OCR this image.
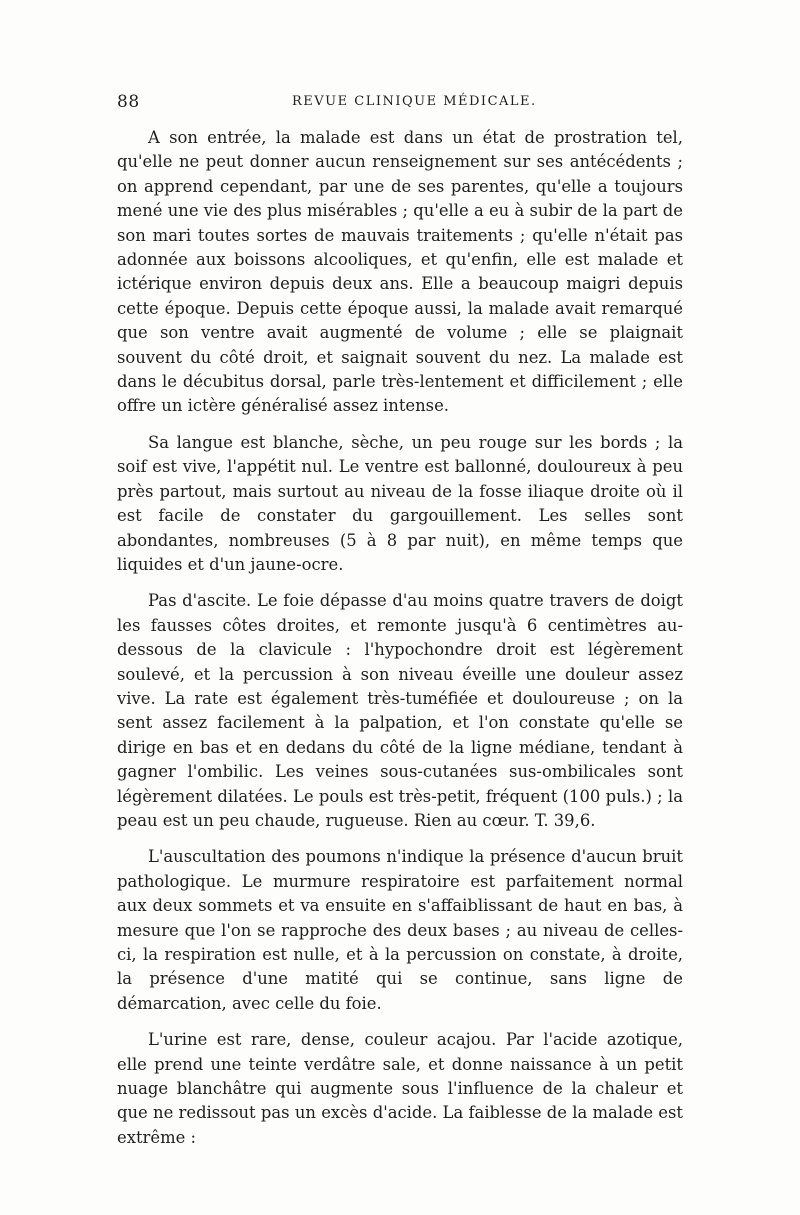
88	REVUE CLINIQUE MÉDICALE.

A son entrée, la malade est dans un état de prostration tel, qu'elle ne peut donner aucun renseignement sur ses antécédents ; on apprend cependant, par une de ses parentes, qu'elle a toujours mené une vie des plus misérables ; qu'elle a eu à subir de la part de son mari toutes sortes de mauvais traitements ; qu'elle n'était pas adonnée aux boissons alcooliques, et qu'enfin, elle est malade et ictérique environ depuis deux ans. Elle a beaucoup maigri depuis cette époque. Depuis cette époque aussi, la malade avait remarqué que son ventre avait augmenté de volume ; elle se plaignait souvent du côté droit, et saignait souvent du nez. La malade est dans le décubitus dorsal, parle très-lentement et difficilement ; elle offre un ictère généralisé assez intense.

Sa langue est blanche, sèche, un peu rouge sur les bords ; la soif est vive, l'appétit nul. Le ventre est ballonné, douloureux à peu près partout, mais surtout au niveau de la fosse iliaque droite où il est facile de constater du gargouillement. Les selles sont abondantes, nombreuses (5 à 8 par nuit), en même temps que liquides et d'un jaune-ocre.

Pas d'ascite. Le foie dépasse d'au moins quatre travers de doigt les fausses côtes droites, et remonte jusqu'à 6 centimètres au-dessous de la clavicule : l'hypochondre droit est légèrement soulevé, et la percussion à son niveau éveille une douleur assez vive. La rate est également très-tuméfiée et douloureuse ; on la sent assez facilement à la palpation, et l'on constate qu'elle se dirige en bas et en dedans du côté de la ligne médiane, tendant à gagner l'ombilic. Les veines sous-cutanées sus-ombilicales sont légèrement dilatées. Le pouls est très-petit, fréquent (100 puls.) ; la peau est un peu chaude, rugueuse. Rien au cœur. T. 39,6.

L'auscultation des poumons n'indique la présence d'aucun bruit pathologique. Le murmure respiratoire est parfaitement normal aux deux sommets et va ensuite en s'affaiblissant de haut en bas, à mesure que l'on se rapproche des deux bases ; au niveau de celles-ci, la respiration est nulle, et à la percussion on constate, à droite, la présence d'une matité qui se continue, sans ligne de démarcation, avec celle du foie.

L'urine est rare, dense, couleur acajou. Par l'acide azotique, elle prend une teinte verdâtre sale, et donne naissance à un petit nuage blanchâtre qui augmente sous l'influence de la chaleur et que ne redissout pas un excès d'acide. La faiblesse de la malade est extrême :
